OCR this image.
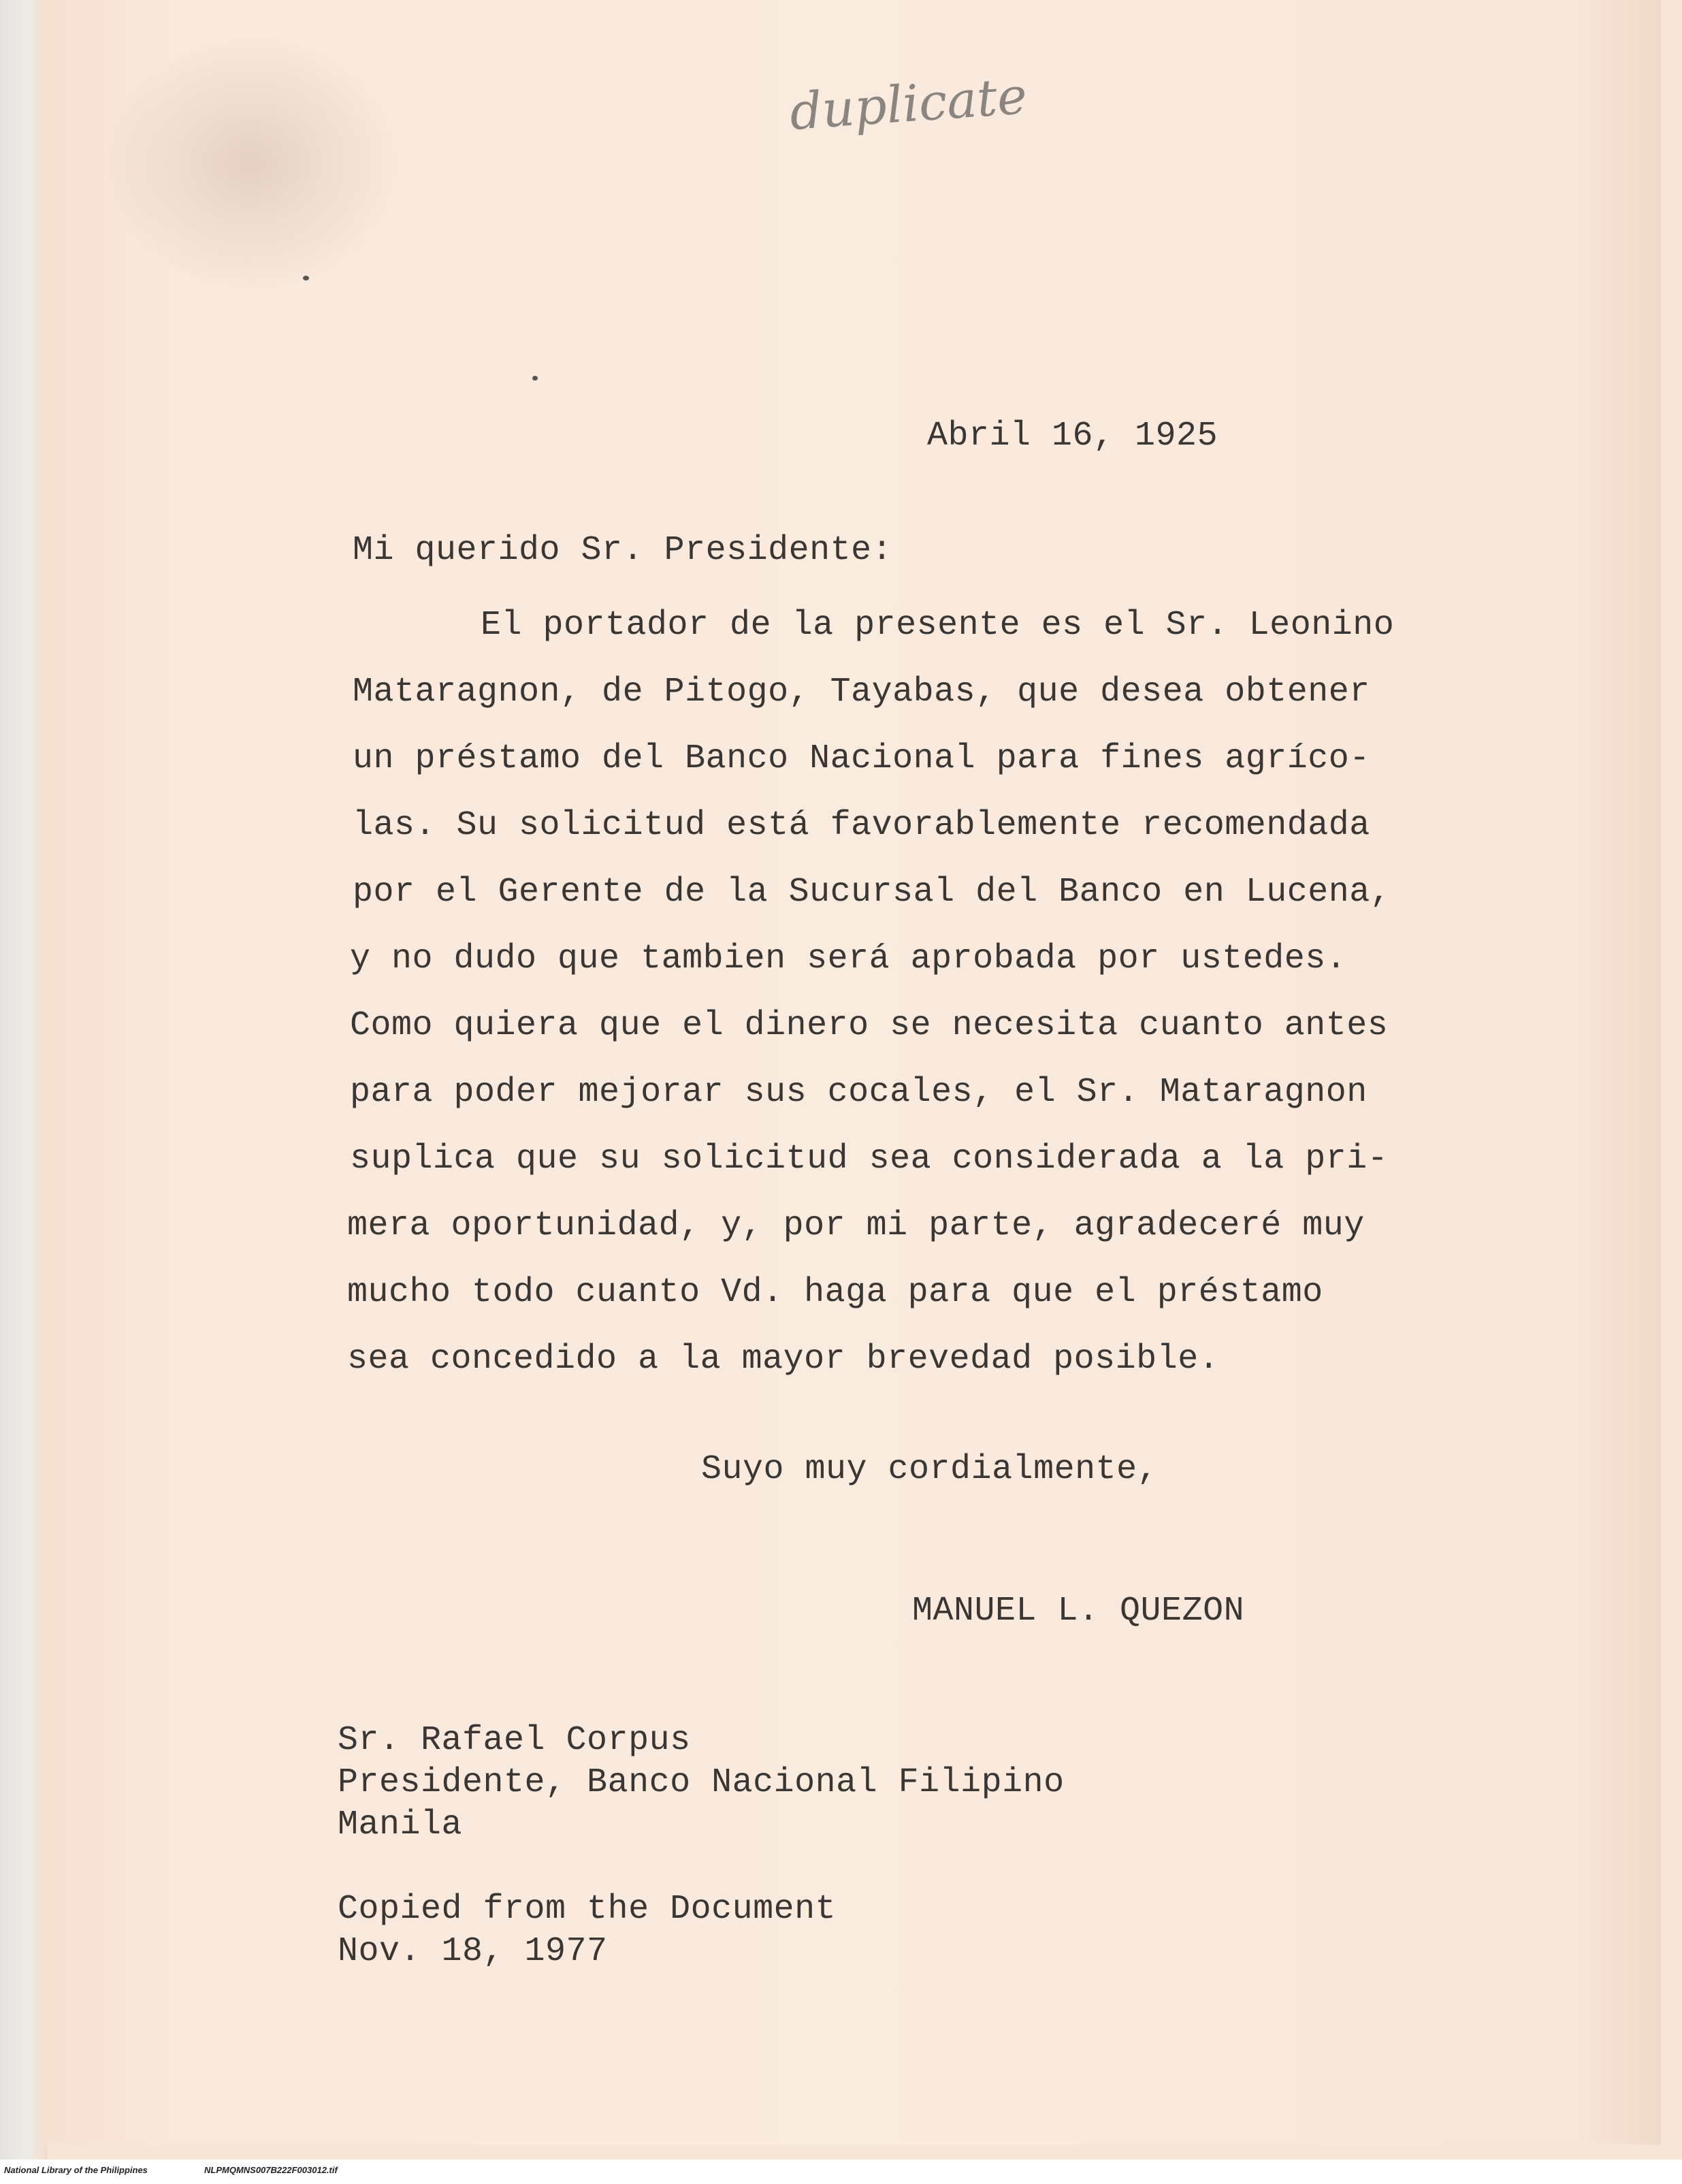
duplicate
Abril 16, 1925
Mi querido Sr. Presidente:
El portador de la presente es el Sr. Leonino
Mataragnon, de Pitogo, Tayabas, que desea obtener
un préstamo del Banco Nacional para fines agríco-
las. Su solicitud está favorablemente recomendada
por el Gerente de la Sucursal del Banco en Lucena,
y no dudo que tambien será aprobada por ustedes.
Como quiera que el dinero se necesita cuanto antes
para poder mejorar sus cocales, el Sr. Mataragnon
suplica que su solicitud sea considerada a la pri-
mera oportunidad, y, por mi parte, agradeceré muy
mucho todo cuanto Vd. haga para que el préstamo
sea concedido a la mayor brevedad posible.
Suyo muy cordialmente,
MANUEL L. QUEZON
Sr. Rafael Corpus
Presidente, Banco Nacional Filipino
Manila
Copied from the Document
Nov. 18, 1977
National Library of the Philippines	NLPMQMNS007B222F003012.tif
